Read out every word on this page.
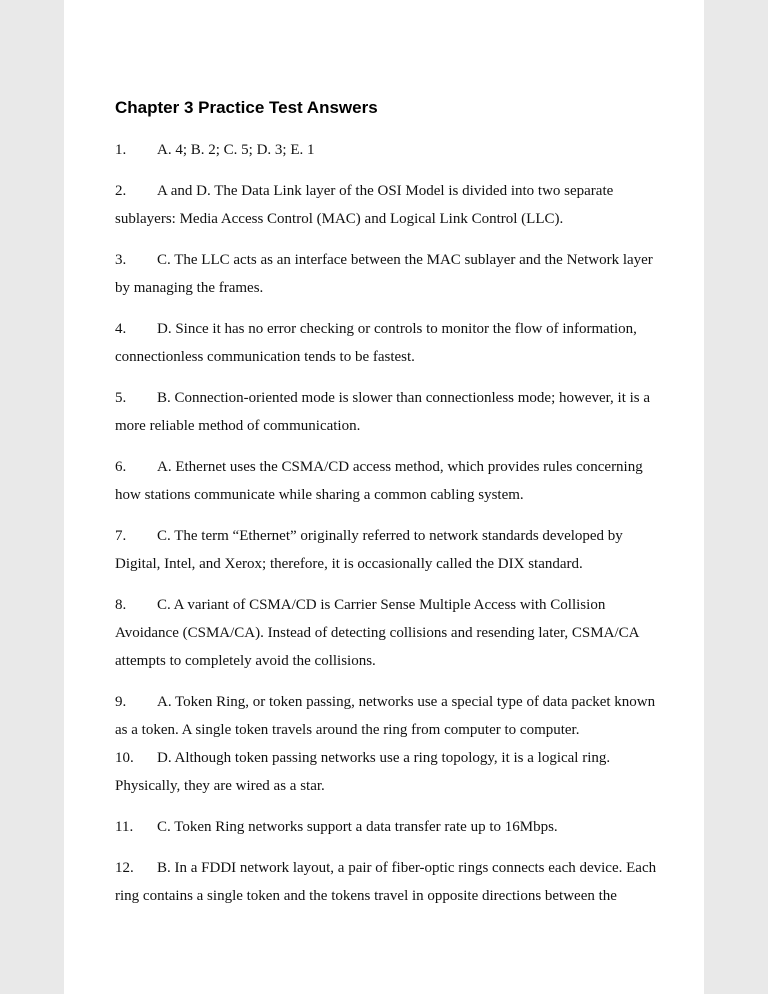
Chapter 3 Practice Test Answers

1. A. 4; B. 2; C. 5; D. 3; E. 1

2. A and D. The Data Link layer of the OSI Model is divided into two separate sublayers: Media Access Control (MAC) and Logical Link Control (LLC).

3. C. The LLC acts as an interface between the MAC sublayer and the Network layer by managing the frames.

4. D. Since it has no error checking or controls to monitor the flow of information, connectionless communication tends to be fastest.

5. B. Connection-oriented mode is slower than connectionless mode; however, it is a more reliable method of communication.

6. A. Ethernet uses the CSMA/CD access method, which provides rules concerning how stations communicate while sharing a common cabling system.

7. C. The term “Ethernet” originally referred to network standards developed by Digital, Intel, and Xerox; therefore, it is occasionally called the DIX standard.

8. C. A variant of CSMA/CD is Carrier Sense Multiple Access with Collision Avoidance (CSMA/CA). Instead of detecting collisions and resending later, CSMA/CA attempts to completely avoid the collisions.

9. A. Token Ring, or token passing, networks use a special type of data packet known as a token. A single token travels around the ring from computer to computer.

10. D. Although token passing networks use a ring topology, it is a logical ring. Physically, they are wired as a star.

11. C. Token Ring networks support a data transfer rate up to 16Mbps.

12. B. In a FDDI network layout, a pair of fiber-optic rings connects each device. Each ring contains a single token and the tokens travel in opposite directions between the
